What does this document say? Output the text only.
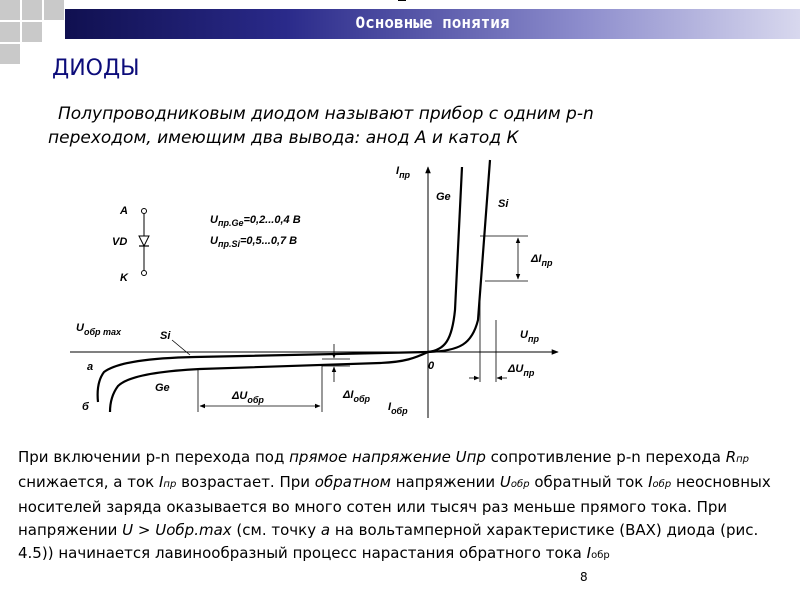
Основные понятия
ДИОДЫ
Полупроводниковым диодом называют прибор с одним p-n
переходом, имеющим два вывода: анод А и катод К
A
VD
K
$U_{пр.Ge}=0,2...0,4$ В
$U_{пр.Si}=0,5...0,7$ В
$I_{пр}$
$I_{обр}$
$U_{пр}$
$U_{обр max}$
0
Ge
Si
Si
Ge
а
б
$\Delta I_{пр}$
$\Delta U_{пр}$
$\Delta U_{обр}$	$\Delta I_{обр}$
При включении p-n перехода под прямое напряжение Uпр сопротивление p-n перехода Rпр снижается, а ток Iпр возрастает. При обратном напряжении Uобр обратный ток Iобр неосновных носителей заряда оказывается во много сотен или тысяч раз меньше прямого тока. При напряжении U > Uобр.max (см. точку а на вольтамперной характеристике (ВАХ) диода (рис. 4.5)) начинается лавинообразный процесс нарастания обратного тока Iобр
8
